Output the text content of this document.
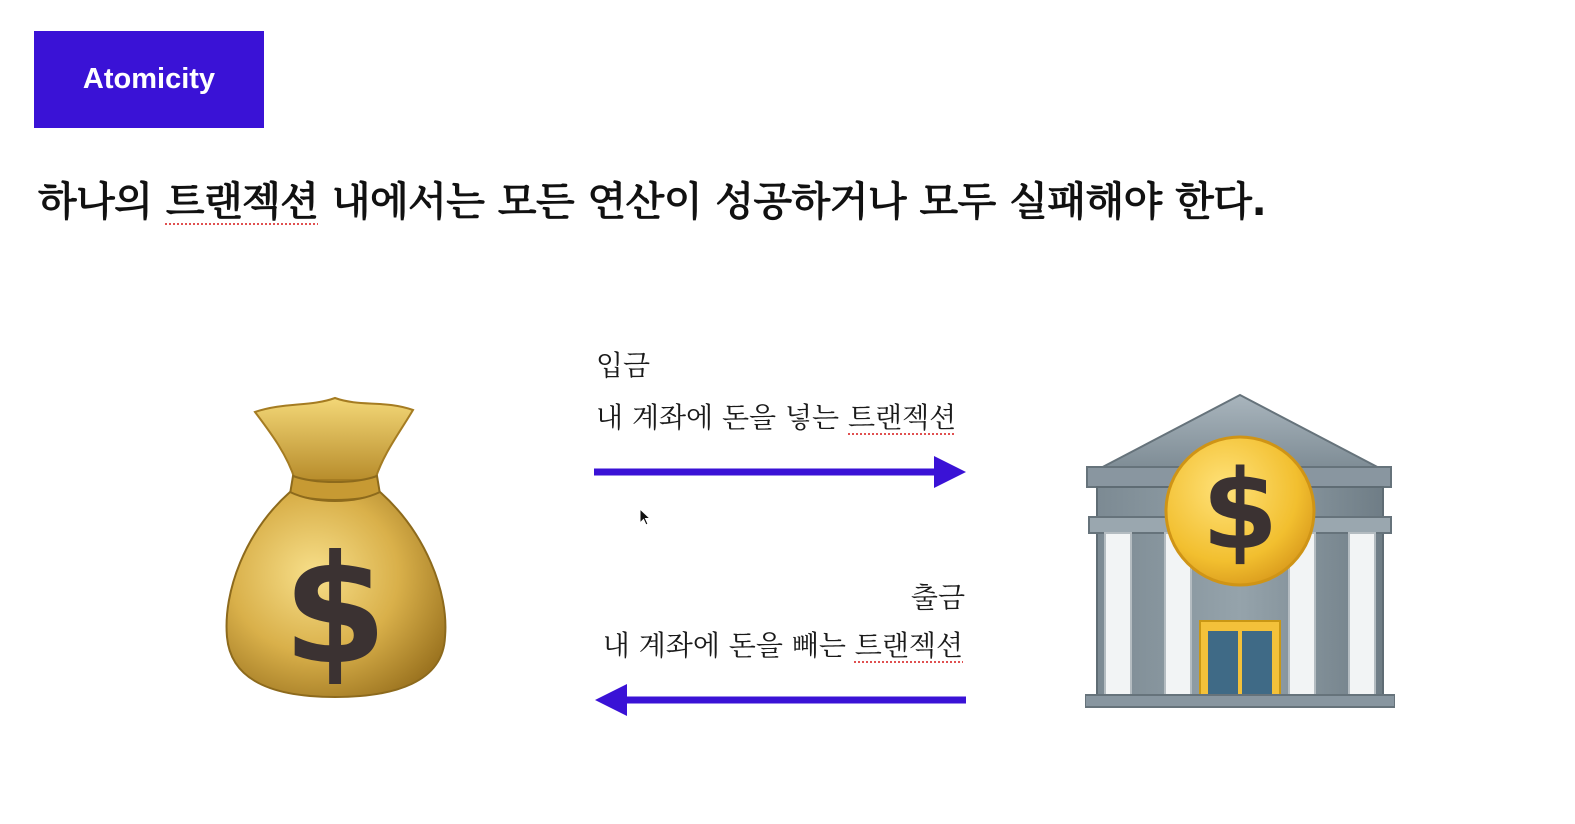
Atomicity
하나의 트랜젝션 내에서는 모든 연산이 성공하거나 모두 실패해야 한다.
$
입금
내 계좌에 돈을 넣는 트랜젝션
출금
내 계좌에 돈을 빼는 트랜젝션
$
